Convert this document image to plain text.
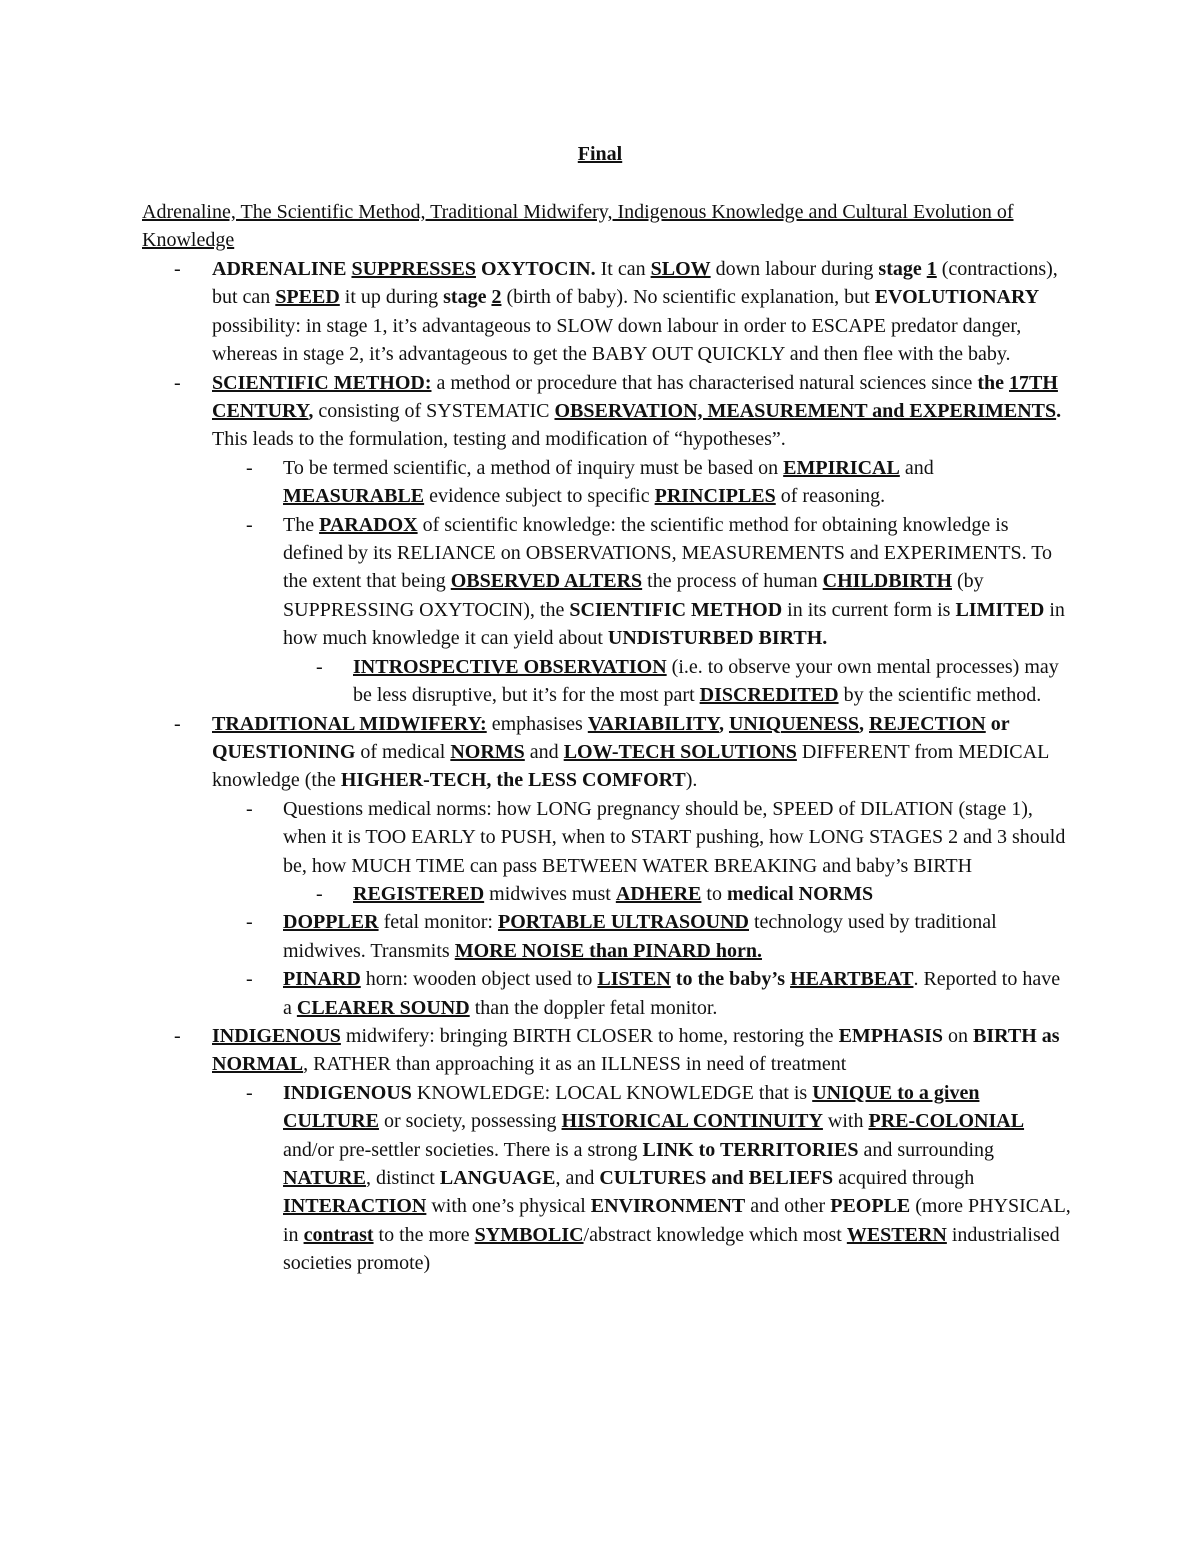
Final
Adrenaline, The Scientific Method, Traditional Midwifery, Indigenous Knowledge and Cultural Evolution of Knowledge
- ADRENALINE SUPPRESSES OXYTOCIN. It can SLOW down labour during stage 1 (contractions), but can SPEED it up during stage 2 (birth of baby). No scientific explanation, but EVOLUTIONARY possibility: in stage 1, it’s advantageous to SLOW down labour in order to ESCAPE predator danger, whereas in stage 2, it’s advantageous to get the BABY OUT QUICKLY and then flee with the baby.
- SCIENTIFIC METHOD: a method or procedure that has characterised natural sciences since the 17TH CENTURY, consisting of SYSTEMATIC OBSERVATION, MEASUREMENT and EXPERIMENTS. This leads to the formulation, testing and modification of “hypotheses”.
- To be termed scientific, a method of inquiry must be based on EMPIRICAL and MEASURABLE evidence subject to specific PRINCIPLES of reasoning.
- The PARADOX of scientific knowledge: the scientific method for obtaining knowledge is defined by its RELIANCE on OBSERVATIONS, MEASUREMENTS and EXPERIMENTS. To the extent that being OBSERVED ALTERS the process of human CHILDBIRTH (by SUPPRESSING OXYTOCIN), the SCIENTIFIC METHOD in its current form is LIMITED in how much knowledge it can yield about UNDISTURBED BIRTH.
- INTROSPECTIVE OBSERVATION (i.e. to observe your own mental processes) may be less disruptive, but it’s for the most part DISCREDITED by the scientific method.
- TRADITIONAL MIDWIFERY: emphasises VARIABILITY, UNIQUENESS, REJECTION or QUESTIONING of medical NORMS and LOW-TECH SOLUTIONS DIFFERENT from MEDICAL knowledge (the HIGHER-TECH, the LESS COMFORT).
- Questions medical norms: how LONG pregnancy should be, SPEED of DILATION (stage 1), when it is TOO EARLY to PUSH, when to START pushing, how LONG STAGES 2 and 3 should be, how MUCH TIME can pass BETWEEN WATER BREAKING and baby’s BIRTH
- REGISTERED midwives must ADHERE to medical NORMS
- DOPPLER fetal monitor: PORTABLE ULTRASOUND technology used by traditional midwives. Transmits MORE NOISE than PINARD horn.
- PINARD horn: wooden object used to LISTEN to the baby’s HEARTBEAT. Reported to have a CLEARER SOUND than the doppler fetal monitor.
- INDIGENOUS midwifery: bringing BIRTH CLOSER to home, restoring the EMPHASIS on BIRTH as NORMAL, RATHER than approaching it as an ILLNESS in need of treatment
- INDIGENOUS KNOWLEDGE: LOCAL KNOWLEDGE that is UNIQUE to a given CULTURE or society, possessing HISTORICAL CONTINUITY with PRE-COLONIAL and/or pre-settler societies. There is a strong LINK to TERRITORIES and surrounding NATURE, distinct LANGUAGE, and CULTURES and BELIEFS acquired through INTERACTION with one’s physical ENVIRONMENT and other PEOPLE (more PHYSICAL, in contrast to the more SYMBOLIC/abstract knowledge which most WESTERN industrialised societies promote)
